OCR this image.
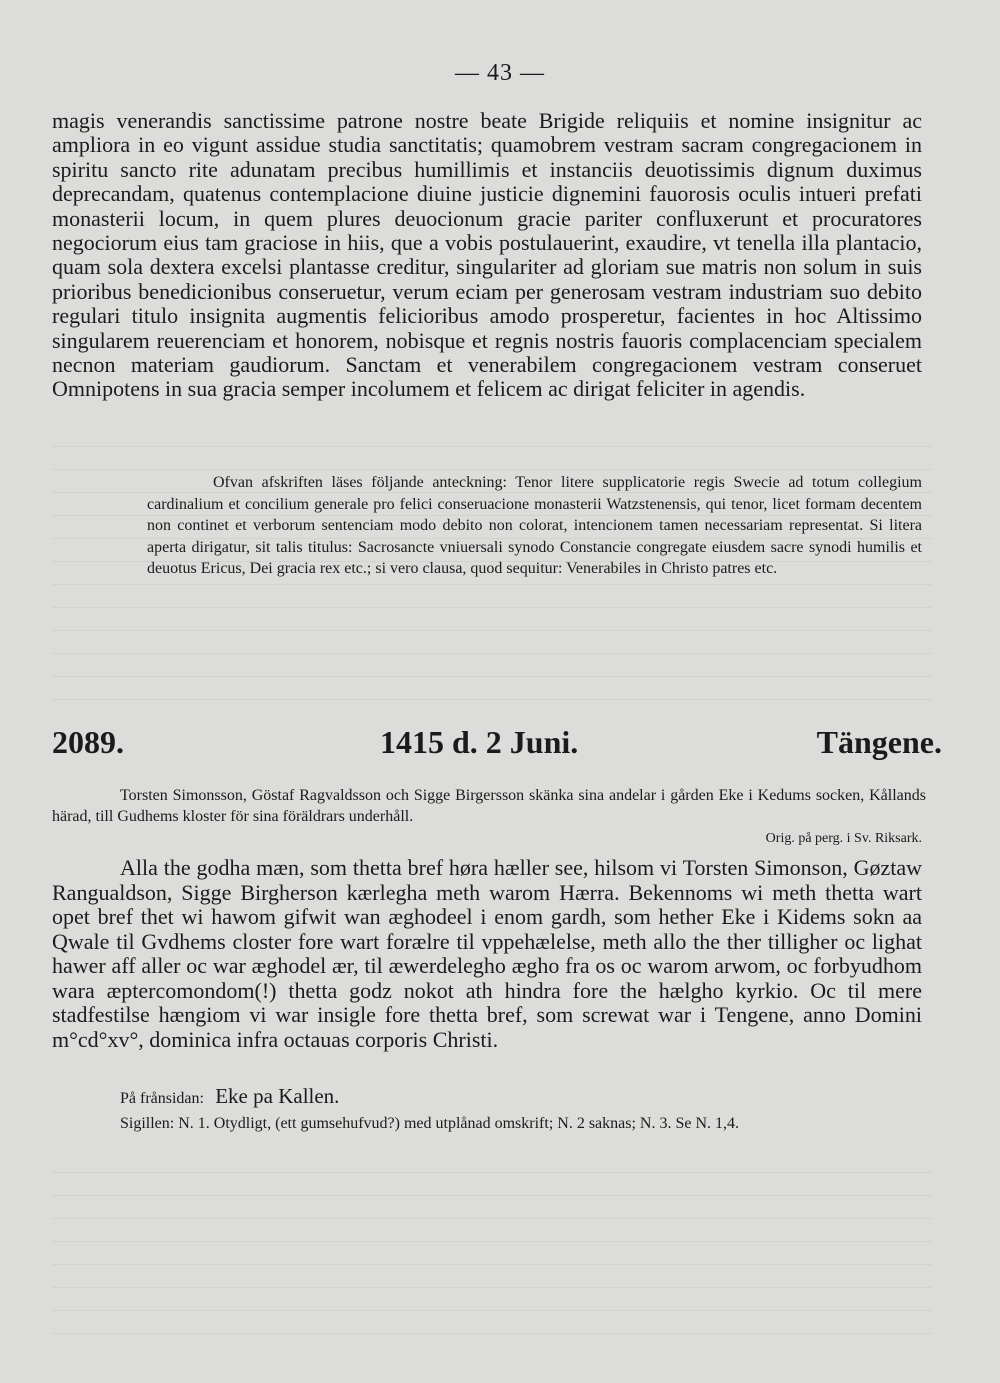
— 43 —
magis venerandis sanctissime patrone nostre beate Brigide reliquiis et nomine insignitur ac ampliora in eo vigunt assidue studia sanctitatis; quamobrem vestram sacram congregacionem in spiritu sancto rite adunatam precibus humillimis et instanciis deuotissimis dignum duximus deprecandam, quatenus contemplacione diuine justicie dignemini fauorosis oculis intueri prefati monasterii locum, in quem plures deuocionum gracie pariter confluxerunt et procuratores negociorum eius tam graciose in hiis, que a vobis postulauerint, exaudire, vt tenella illa plantacio, quam sola dextera excelsi plantasse creditur, singulariter ad gloriam sue matris non solum in suis prioribus benedicionibus conseruetur, verum eciam per generosam vestram industriam suo debito regulari titulo insignita augmentis felicioribus amodo prosperetur, facientes in hoc Altissimo singularem reuerenciam et honorem, nobisque et regnis nostris fauoris complacenciam specialem necnon materiam gaudiorum. Sanctam et venerabilem congregacionem vestram conseruet Omnipotens in sua gracia semper incolumem et felicem ac dirigat feliciter in agendis.
Ofvan afskriften läses följande anteckning: Tenor litere supplicatorie regis Swecie ad totum collegium cardinalium et concilium generale pro felici conseruacione monasterii Watzstenensis, qui tenor, licet formam decentem non continet et verborum sentenciam modo debito non colorat, intencionem tamen necessariam representat. Si litera aperta dirigatur, sit talis titulus: Sacrosancte vniuersali synodo Constancie congregate eiusdem sacre synodi humilis et deuotus Ericus, Dei gracia rex etc.; si vero clausa, quod sequitur: Venerabiles in Christo patres etc.
2089.	1415 d. 2 Juni.	Tängene.
Torsten Simonsson, Göstaf Ragvaldsson och Sigge Birgersson skänka sina andelar i gården Eke i Kedums socken, Kållands härad, till Gudhems kloster för sina föräldrars underhåll.
Orig. på perg. i Sv. Riksark.
Alla the godha mæn, som thetta bref høra hæller see, hilsom vi Torsten Simonson, Gøztaw Rangualdson, Sigge Birgherson kærlegha meth warom Hærra. Bekennoms wi meth thetta wart opet bref thet wi hawom gifwit wan æghodeel i enom gardh, som hether Eke i Kidems sokn aa Qwale til Gvdhems closter fore wart forælre til vppehælelse, meth allo the ther tilligher oc lighat hawer aff aller oc war æghodel ær, til æwerdelegho ægho fra os oc warom arwom, oc forbyudhom wara æptercomondom(!) thetta godz nokot ath hindra fore the hælgho kyrkio. Oc til mere stadfestilse hængiom vi war insigle fore thetta bref, som screwat war i Tengene, anno Domini m°cd°xv°, dominica infra octauas corporis Christi.
På frånsidan: Eke pa Kallen.
Sigillen: N. 1. Otydligt, (ett gumsehufvud?) med utplånad omskrift; N. 2 saknas; N. 3. Se N. 1,4.
